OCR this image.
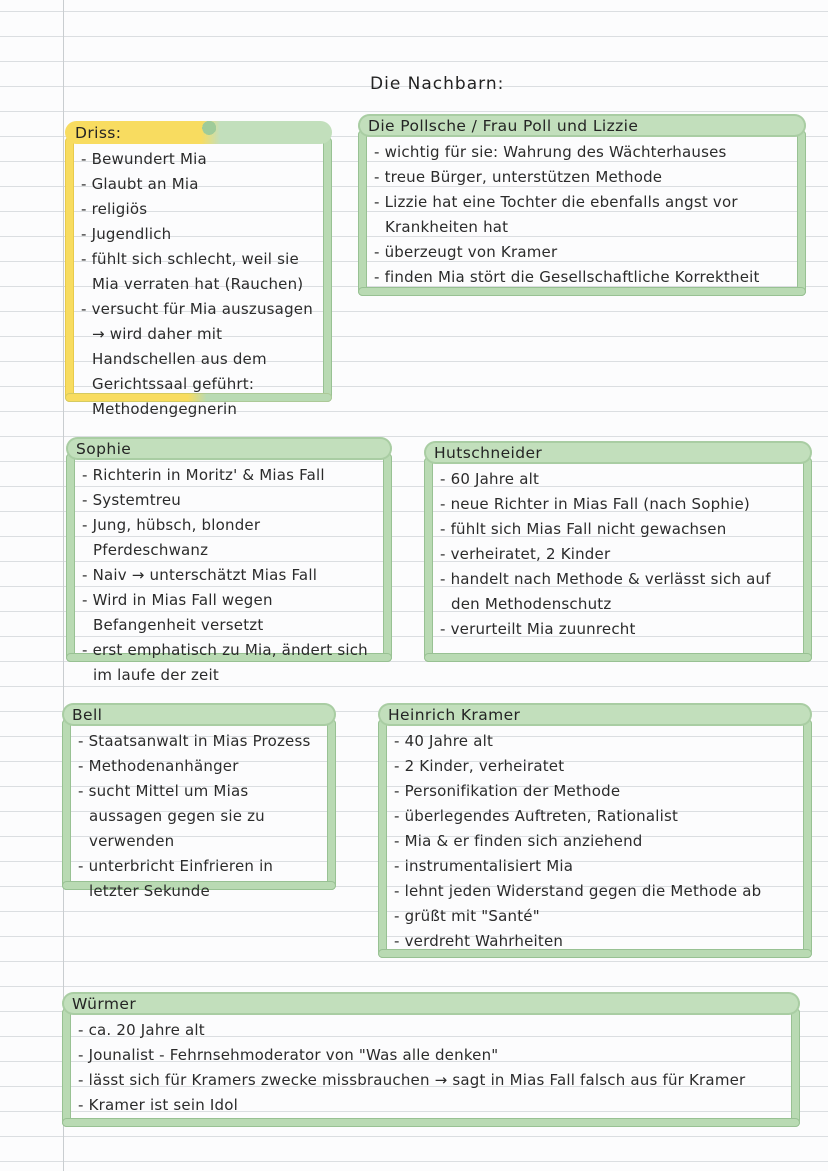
Die Nachbarn:
Driss:
- Bewundert Mia
- Glaubt an Mia
- religiös
- Jugendlich
- fühlt sich schlecht, weil sie Mia verraten hat (Rauchen)
- versucht für Mia auszusagen → wird daher mit Handschellen aus dem Gerichtssaal geführt: Methodengegnerin
Die Pollsche / Frau Poll und Lizzie
- wichtig für sie: Wahrung des Wächterhauses
- treue Bürger, unterstützen Methode
- Lizzie hat eine Tochter die ebenfalls angst vor Krankheiten hat
- überzeugt von Kramer
- finden Mia stört die Gesellschaftliche Korrektheit
Sophie
- Richterin in Moritz' & Mias Fall
- Systemtreu
- Jung, hübsch, blonder Pferdeschwanz
- Naiv → unterschätzt Mias Fall
- Wird in Mias Fall wegen Befangenheit versetzt
- erst emphatisch zu Mia, ändert sich im laufe der zeit
Hutschneider
- 60 Jahre alt
- neue Richter in Mias Fall (nach Sophie)
- fühlt sich Mias Fall nicht gewachsen
- verheiratet, 2 Kinder
- handelt nach Methode & verlässt sich auf den Methodenschutz
- verurteilt Mia zuunrecht
Bell
- Staatsanwalt in Mias Prozess
- Methodenanhänger
- sucht Mittel um Mias aussagen gegen sie zu verwenden
- unterbricht Einfrieren in letzter Sekunde
Heinrich Kramer
- 40 Jahre alt
- 2 Kinder, verheiratet
- Personifikation der Methode
- überlegendes Auftreten, Rationalist
- Mia & er finden sich anziehend
- instrumentalisiert Mia
- lehnt jeden Widerstand gegen die Methode ab
- grüßt mit "Santé"
- verdreht Wahrheiten
Würmer
- ca. 20 Jahre alt
- Jounalist - Fehrnsehmoderator von "Was alle denken"
- lässt sich für Kramers zwecke missbrauchen → sagt in Mias Fall falsch aus für Kramer
- Kramer ist sein Idol
